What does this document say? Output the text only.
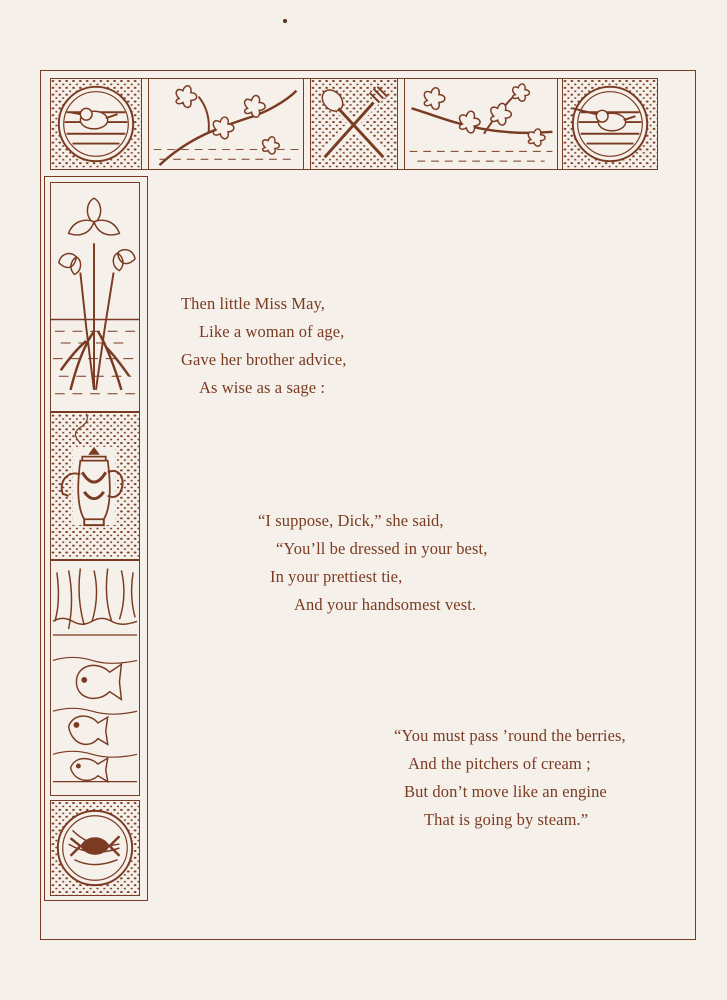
Then little Miss May,
Like a woman of age,
Gave her brother advice,
As wise as a sage :
“I suppose, Dick,” she said,
“You’ll be dressed in your best,
In your prettiest tie,
And your handsomest vest.
“You must pass ’round the berries,
And the pitchers of cream ;
But don’t move like an engine
That is going by steam.”
